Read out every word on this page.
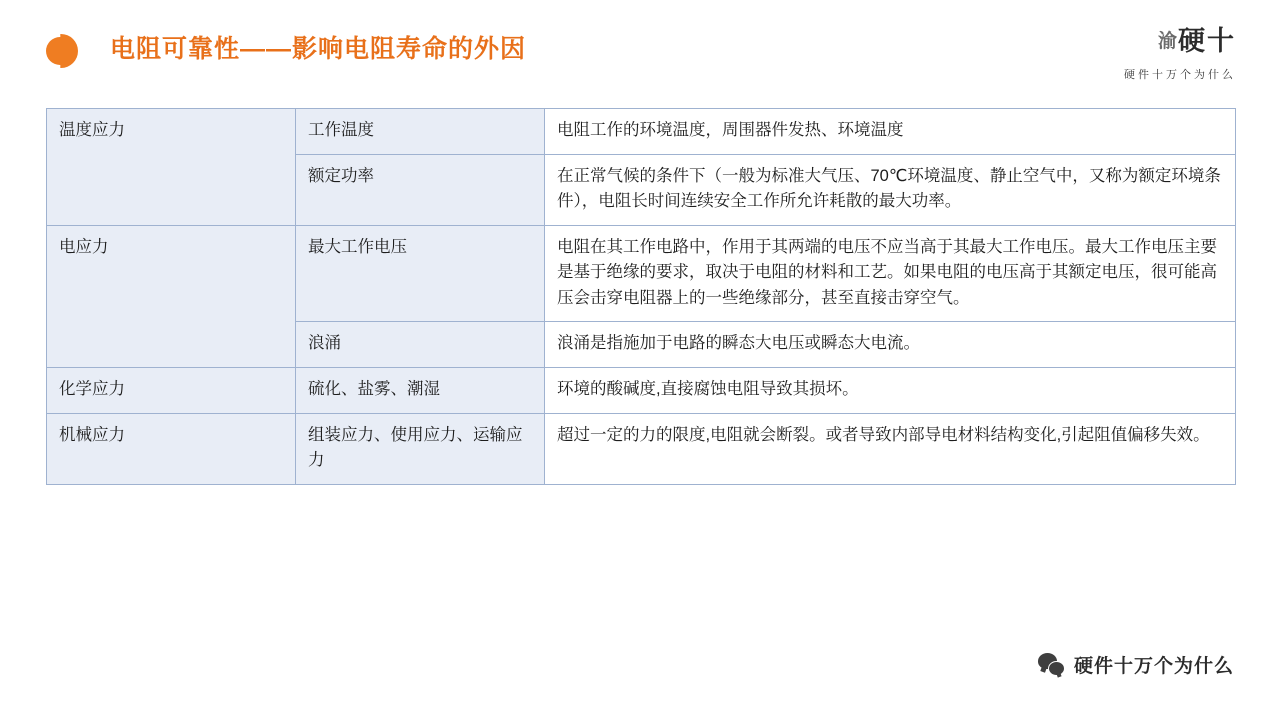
电阻可靠性——影响电阻寿命的外因	渝硬十
硬件十万个为什么
温度应力	工作温度	电阻工作的环境温度，周围器件发热、环境温度
	额定功率	在正常气候的条件下（一般为标准大气压、70℃环境温度、静止空气中，又称为额定环境条件），电阻长时间连续安全工作所允许耗散的最大功率。
电应力	最大工作电压	电阻在其工作电路中，作用于其两端的电压不应当高于其最大工作电压。最大工作电压主要是基于绝缘的要求，取决于电阻的材料和工艺。如果电阻的电压高于其额定电压，很可能高压会击穿电阻器上的一些绝缘部分，甚至直接击穿空气。
	浪涌	浪涌是指施加于电路的瞬态大电压或瞬态大电流。
化学应力	硫化、盐雾、潮湿	环境的酸碱度,直接腐蚀电阻导致其损坏。
机械应力	组装应力、使用应力、运输应力	超过一定的力的限度,电阻就会断裂。或者导致内部导电材料结构变化,引起阻值偏移失效。
硬件十万个为什么
